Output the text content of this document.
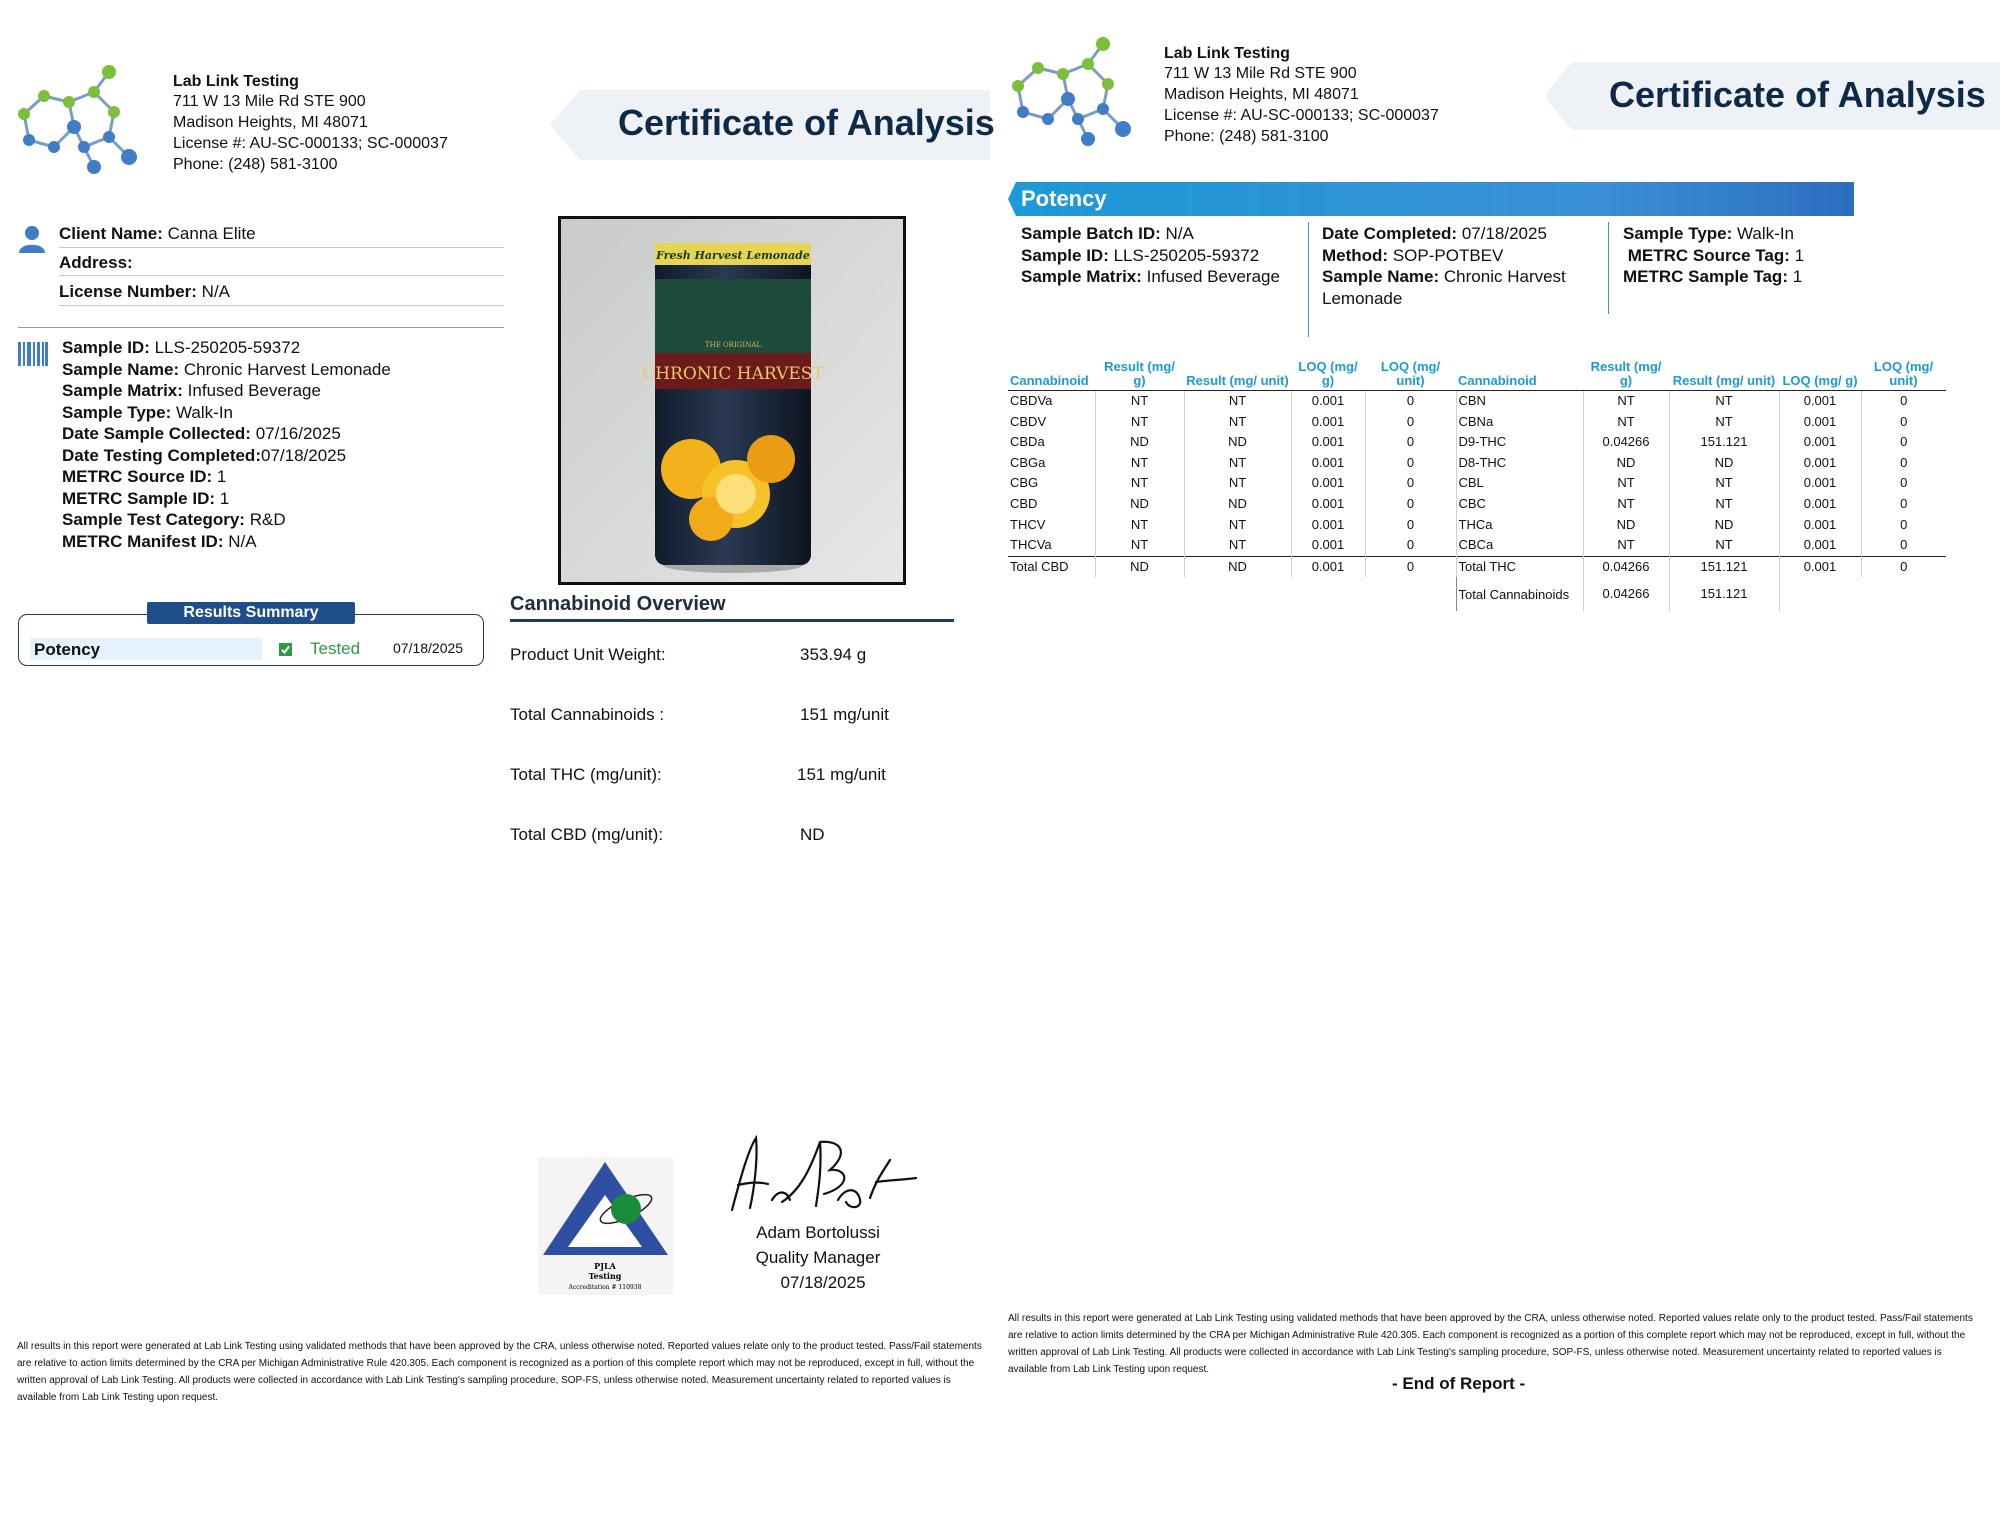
Lab Link Testing
711 W 13 Mile Rd STE 900
Madison Heights, MI 48071
License #: AU-SC-000133; SC-000037
Phone: (248) 581-3100
Certificate of Analysis
Client Name: Canna Elite
Address:
License Number: N/A
Sample ID: LLS-250205-59372
Sample Name: Chronic Harvest Lemonade
Sample Matrix: Infused Beverage
Sample Type: Walk-In
Date Sample Collected: 07/16/2025
Date Testing Completed:07/18/2025
METRC Source ID: 1
METRC Sample ID: 1
Sample Test Category: R&D
METRC Manifest ID: N/A
Results Summary
Potency	Tested 07/18/2025
Fresh Harvest Lemonade
THE ORIGINAL
CHRONIC HARVEST
Cannabinoid Overview
Product Unit Weight:	353.94 g
Total Cannabinoids :	151 mg/unit
Total THC (mg/unit):	151 mg/unit
Total CBD (mg/unit):	ND
PJLA
Testing
Accreditation # 110938
Adam Bortolussi
Quality Manager
07/18/2025
All results in this report were generated at Lab Link Testing using validated methods that have been approved by the CRA, unless otherwise noted. Reported values relate only to the product tested. Pass/Fail statements are relative to action limits determined by the CRA per Michigan Administrative Rule 420.305. Each component is recognized as a portion of this complete report which may not be reproduced, except in full, without the written approval of Lab Link Testing. All products were collected in accordance with Lab Link Testing's sampling procedure, SOP-FS, unless otherwise noted. Measurement uncertainty related to reported values is available from Lab Link Testing upon request.
Lab Link Testing
711 W 13 Mile Rd STE 900
Madison Heights, MI 48071
License #: AU-SC-000133; SC-000037
Phone: (248) 581-3100
Certificate of Analysis
Potency
Sample Batch ID: N/A
Sample ID: LLS-250205-59372
Sample Matrix: Infused Beverage
Date Completed: 07/18/2025
Method: SOP-POTBEV
Sample Name: Chronic Harvest
Lemonade
Sample Type: Walk-In
METRC Source Tag: 1
METRC Sample Tag: 1
Cannabinoid	Result (mg/ g)	Result (mg/ unit)	LOQ (mg/ g)	LOQ (mg/ unit)	Cannabinoid	Result (mg/ g)	Result (mg/ unit)	LOQ (mg/ g)	LOQ (mg/ unit)
CBDVa	NT	NT	0.001	0	CBN	NT	NT	0.001	0
CBDV	NT	NT	0.001	0	CBNa	NT	NT	0.001	0
CBDa	ND	ND	0.001	0	D9-THC	0.04266	151.121	0.001	0
CBGa	NT	NT	0.001	0	D8-THC	ND	ND	0.001	0
CBG	NT	NT	0.001	0	CBL	NT	NT	0.001	0
CBD	ND	ND	0.001	0	CBC	NT	NT	0.001	0
THCV	NT	NT	0.001	0	THCa	ND	ND	0.001	0
THCVa	NT	NT	0.001	0	CBCa	NT	NT	0.001	0
Total CBD	ND	ND	0.001	0	Total THC	0.04266	151.121	0.001	0
					Total Cannabinoids	0.04266	151.121		
All results in this report were generated at Lab Link Testing using validated methods that have been approved by the CRA, unless otherwise noted. Reported values relate only to the product tested. Pass/Fail statements are relative to action limits determined by the CRA per Michigan Administrative Rule 420.305. Each component is recognized as a portion of this complete report which may not be reproduced, except in full, without the written approval of Lab Link Testing. All products were collected in accordance with Lab Link Testing's sampling procedure, SOP-FS, unless otherwise noted. Measurement uncertainty related to reported values is available from Lab Link Testing upon request.
- End of Report -
